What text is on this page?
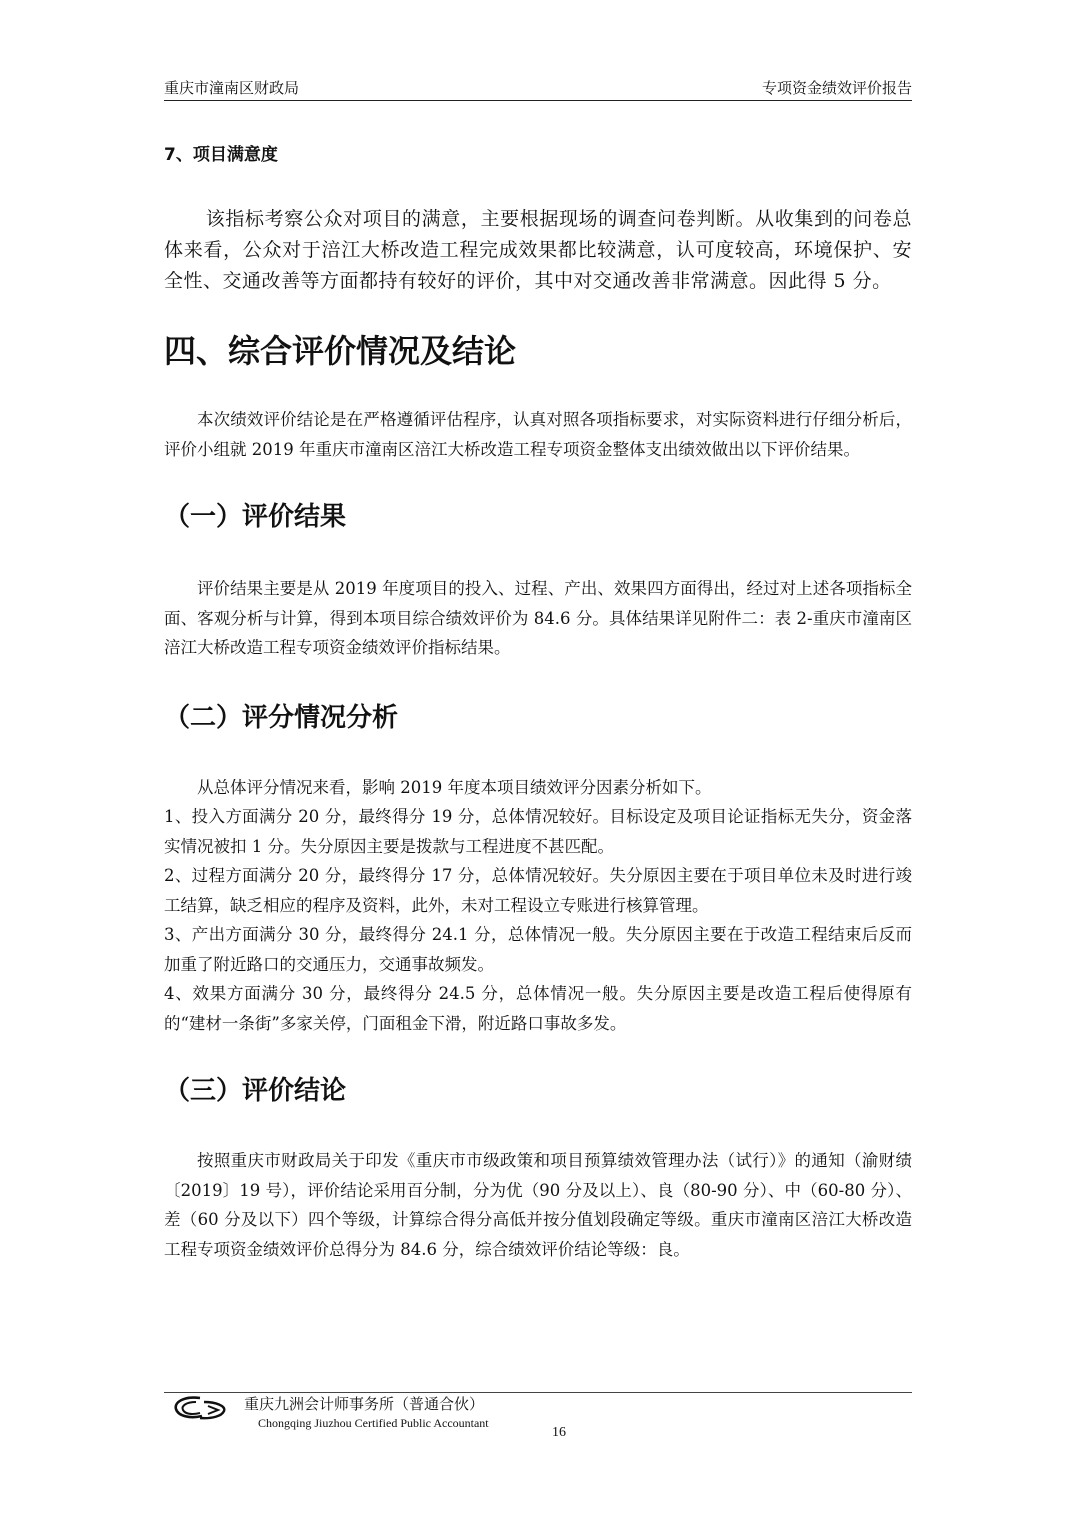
重庆市潼南区财政局	专项资金绩效评价报告

7、项目满意度

该指标考察公众对项目的满意，主要根据现场的调查问卷判断。从收集到的问卷总体来看，公众对于涪江大桥改造工程完成效果都比较满意，认可度较高，环境保护、安全性、交通改善等方面都持有较好的评价，其中对交通改善非常满意。因此得 5 分。

四、综合评价情况及结论

本次绩效评价结论是在严格遵循评估程序，认真对照各项指标要求，对实际资料进行仔细分析后，评价小组就 2019 年重庆市潼南区涪江大桥改造工程专项资金整体支出绩效做出以下评价结果。

（一）评价结果

评价结果主要是从 2019 年度项目的投入、过程、产出、效果四方面得出，经过对上述各项指标全面、客观分析与计算，得到本项目综合绩效评价为 84.6 分。具体结果详见附件二：表 2-重庆市潼南区涪江大桥改造工程专项资金绩效评价指标结果。

（二）评分情况分析

从总体评分情况来看，影响 2019 年度本项目绩效评分因素分析如下。

1、投入方面满分 20 分，最终得分 19 分，总体情况较好。目标设定及项目论证指标无失分，资金落实情况被扣 1 分。失分原因主要是拨款与工程进度不甚匹配。

2、过程方面满分 20 分，最终得分 17 分，总体情况较好。失分原因主要在于项目单位未及时进行竣工结算，缺乏相应的程序及资料，此外，未对工程设立专账进行核算管理。

3、产出方面满分 30 分，最终得分 24.1 分，总体情况一般。失分原因主要在于改造工程结束后反而加重了附近路口的交通压力，交通事故频发。

4、效果方面满分 30 分，最终得分 24.5 分，总体情况一般。失分原因主要是改造工程后使得原有的“建材一条街”多家关停，门面租金下滑，附近路口事故多发。

（三）评价结论

按照重庆市财政局关于印发《重庆市市级政策和项目预算绩效管理办法（试行）》的通知（渝财绩〔2019〕19 号），评价结论采用百分制，分为优（90 分及以上）、良（80-90 分）、中（60-80 分）、差（60 分及以下）四个等级，计算综合得分高低并按分值划段确定等级。重庆市潼南区涪江大桥改造工程专项资金绩效评价总得分为 84.6 分，综合绩效评价结论等级：良。

重庆九洲会计师事务所（普通合伙）
Chongqing Jiuzhou Certified Public Accountant
16
